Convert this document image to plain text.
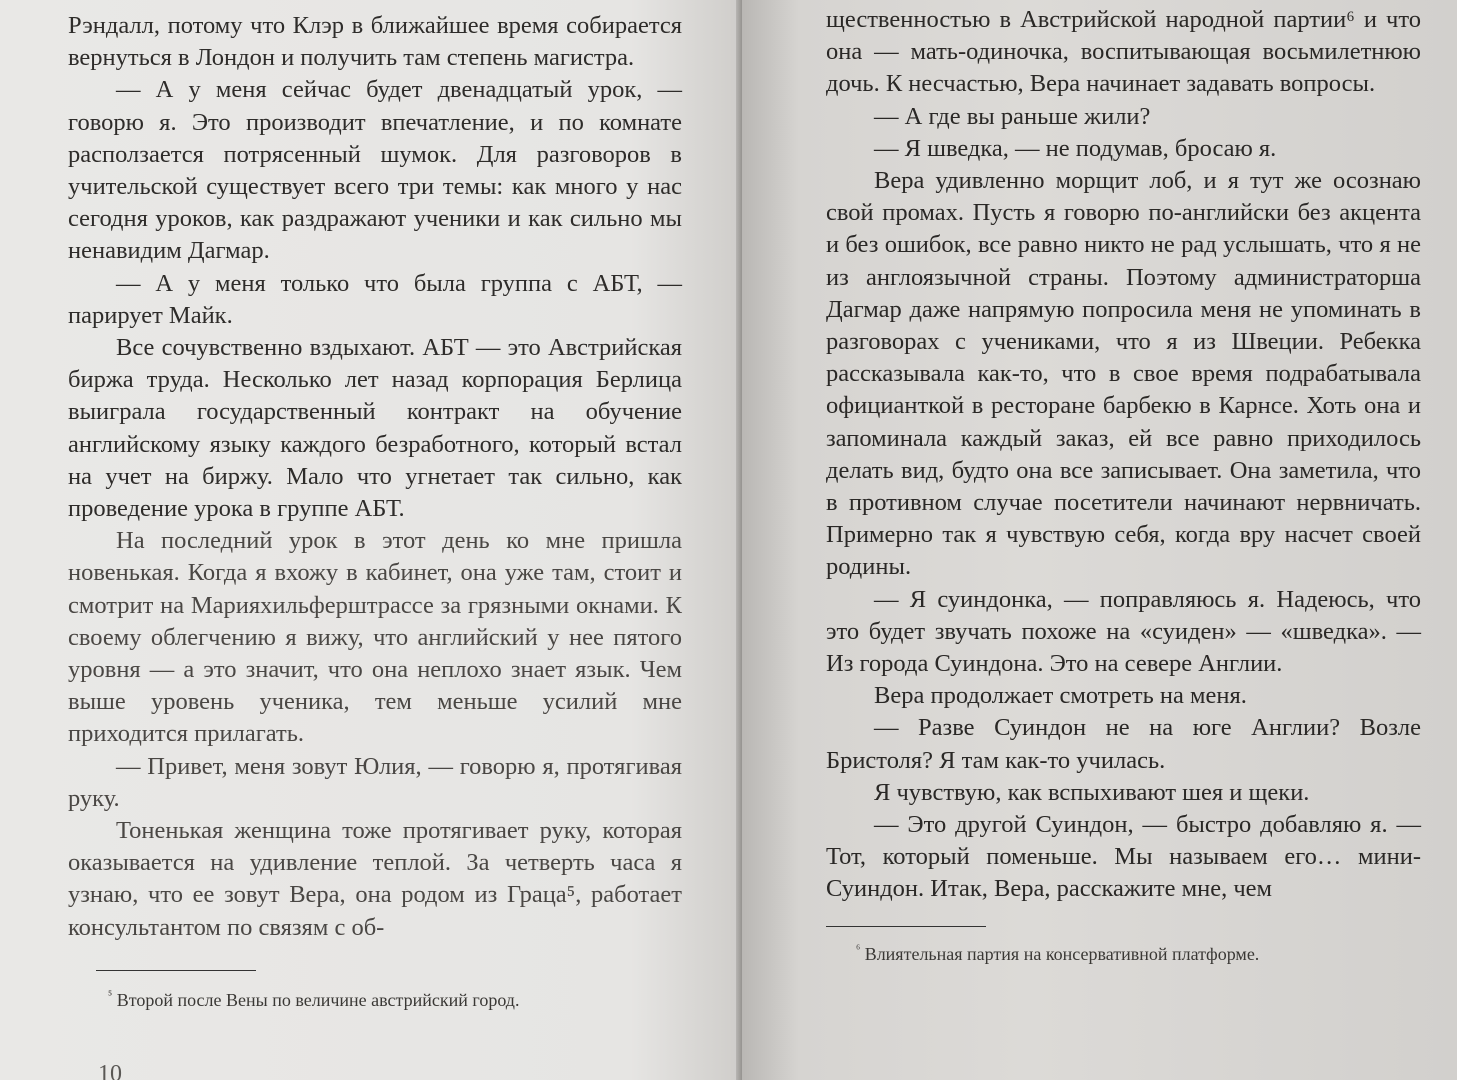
Рэндалл, потому что Клэр в ближайшее время собирается вернуться в Лондон и получить там степень магистра.

— А у меня сейчас будет двенадцатый урок, — говорю я. Это производит впечатление, и по комнате расползается потрясенный шумок. Для разговоров в учительской существует всего три темы: как много у нас сегодня уроков, как раздражают ученики и как сильно мы ненавидим Дагмар.

— А у меня только что была группа с АБТ, — парирует Майк.

Все сочувственно вздыхают. АБТ — это Австрийская биржа труда. Несколько лет назад корпорация Берлица выиграла государственный контракт на обучение английскому языку каждого безработного, который встал на учет на биржу. Мало что угнетает так сильно, как проведение урока в группе АБТ.

На последний урок в этот день ко мне пришла новенькая. Когда я вхожу в кабинет, она уже там, стоит и смотрит на Марияхильферштрассе за грязными окнами. К своему облегчению я вижу, что английский у нее пятого уровня — а это значит, что она неплохо знает язык. Чем выше уровень ученика, тем меньше усилий мне приходится прилагать.

— Привет, меня зовут Юлия, — говорю я, протягивая руку.

Тоненькая женщина тоже протягивает руку, которая оказывается на удивление теплой. За четверть часа я узнаю, что ее зовут Вера, она родом из Граца⁵, работает консультантом по связям с об-

$^{^5}$ Второй после Вены по величине австрийский город.
10

щественностью в Австрийской народной партии⁶ и что она — мать-одиночка, воспитывающая восьмилетнюю дочь. К несчастью, Вера начинает задавать вопросы.

— А где вы раньше жили?

— Я шведка, — не подумав, бросаю я.

Вера удивленно морщит лоб, и я тут же осознаю свой промах. Пусть я говорю по-английски без акцента и без ошибок, все равно никто не рад услышать, что я не из англоязычной страны. Поэтому администраторша Дагмар даже напрямую попросила меня не упоминать в разговорах с учениками, что я из Швеции. Ребекка рассказывала как-то, что в свое время подрабатывала официанткой в ресторане барбекю в Карнсе. Хоть она и запоминала каждый заказ, ей все равно приходилось делать вид, будто она все записывает. Она заметила, что в противном случае посетители начинают нервничать. Примерно так я чувствую себя, когда вру насчет своей родины.

— Я суиндонка, — поправляюсь я. Надеюсь, что это будет звучать похоже на «суиден» — «шведка». — Из города Суиндона. Это на севере Англии.

Вера продолжает смотреть на меня.

— Разве Суиндон не на юге Англии? Возле Бристоля? Я там как-то училась.

Я чувствую, как вспыхивают шея и щеки.

— Это другой Суиндон, — быстро добавляю я. — Тот, который поменьше. Мы называем его… мини-Суиндон. Итак, Вера, расскажите мне, чем

$^{^6}$ Влиятельная партия на консервативной платформе.
